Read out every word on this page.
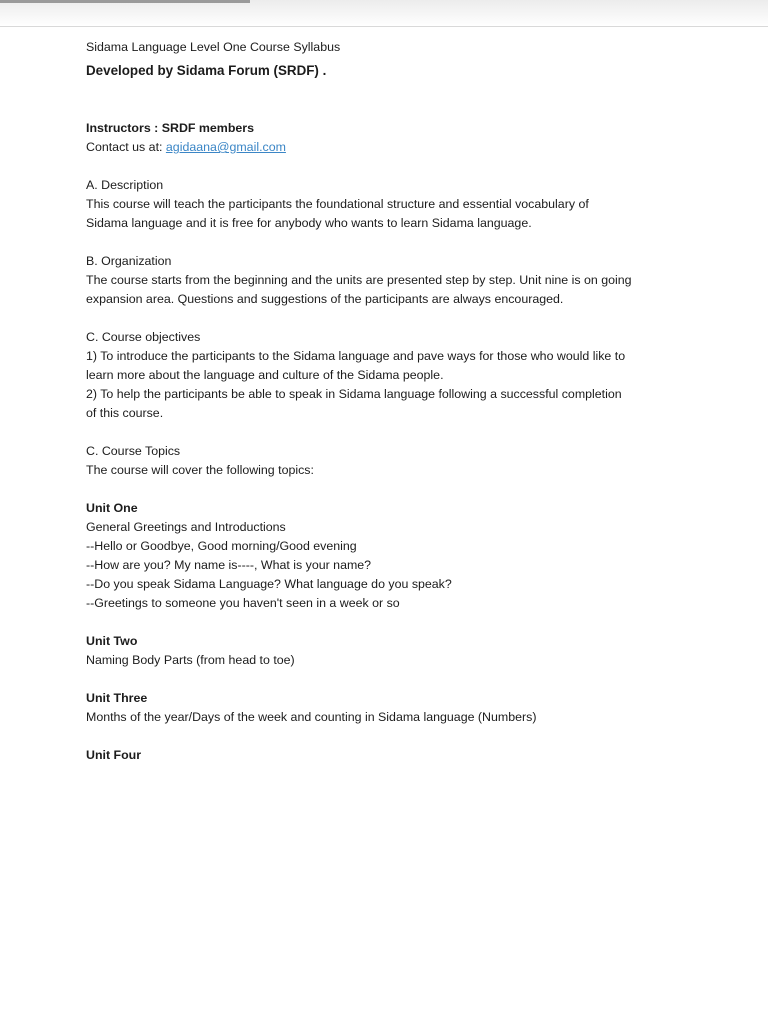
Sidama Language Level One Course Syllabus
Developed by Sidama Forum (SRDF) .
Instructors : SRDF members
Contact us at: agidaana@gmail.com
A. Description
This course will teach the participants the foundational structure and essential vocabulary of
Sidama language and it is free for anybody who wants to learn Sidama language.
B. Organization
The course starts from the beginning and the units are presented step by step. Unit nine is on going
expansion area. Questions and suggestions of the participants are always encouraged.
C. Course objectives
1) To introduce the participants to the Sidama language and pave ways for those who would like to
learn more about the language and culture of the Sidama people.
2) To help the participants be able to speak in Sidama language following a successful completion
of this course.
C. Course Topics
The course will cover the following topics:
Unit One
General Greetings and Introductions
--Hello or Goodbye, Good morning/Good evening
--How are you? My name is----, What is your name?
--Do you speak Sidama Language? What language do you speak?
--Greetings to someone you haven't seen in a week or so
Unit Two
Naming Body Parts (from head to toe)
Unit Three
Months of the year/Days of the week and counting in Sidama language (Numbers)
Unit Four
